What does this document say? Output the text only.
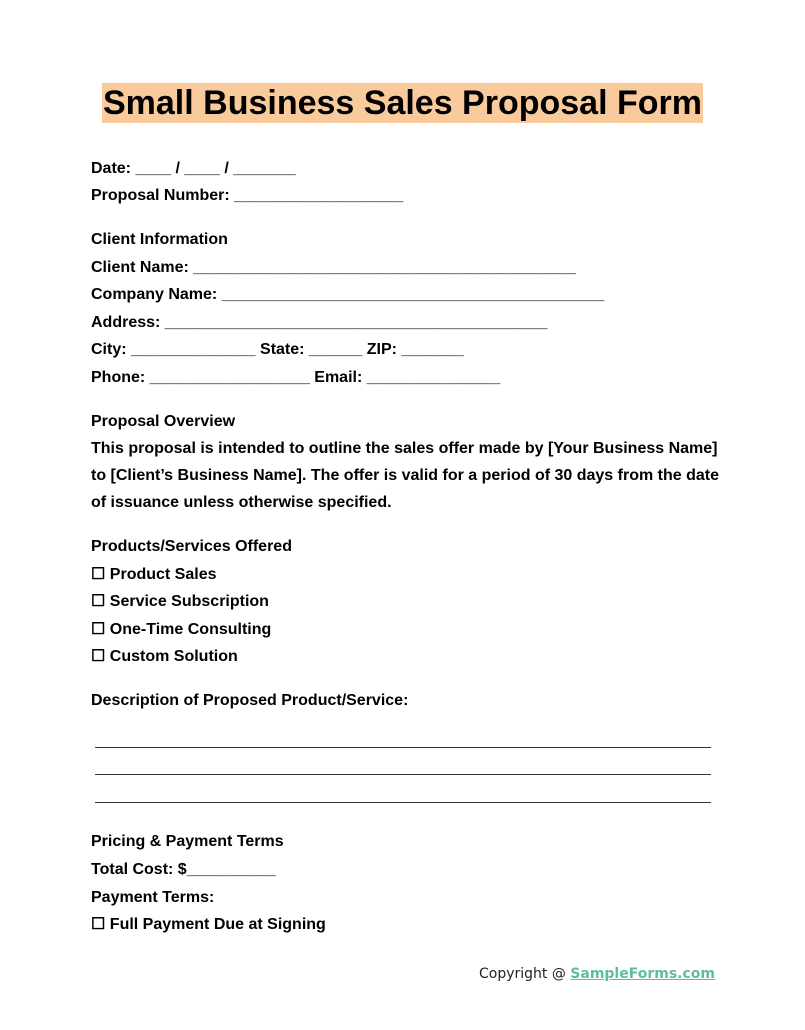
Small Business Sales Proposal Form
Date: ____ / ____ / _______
Proposal Number: ___________________
Client Information
Client Name: ___________________________________________
Company Name: ___________________________________________
Address: ___________________________________________
City: ______________ State: ______ ZIP: _______
Phone: __________________ Email: _______________
Proposal Overview
This proposal is intended to outline the sales offer made by [Your Business Name] to [Client’s Business Name]. The offer is valid for a period of 30 days from the date of issuance unless otherwise specified.
Products/Services Offered
☐ Product Sales
☐ Service Subscription
☐ One-Time Consulting
☐ Custom Solution
Description of Proposed Product/Service:
Pricing & Payment Terms
Total Cost: $__________
Payment Terms:
☐ Full Payment Due at Signing
Copyright @ SampleForms.com
